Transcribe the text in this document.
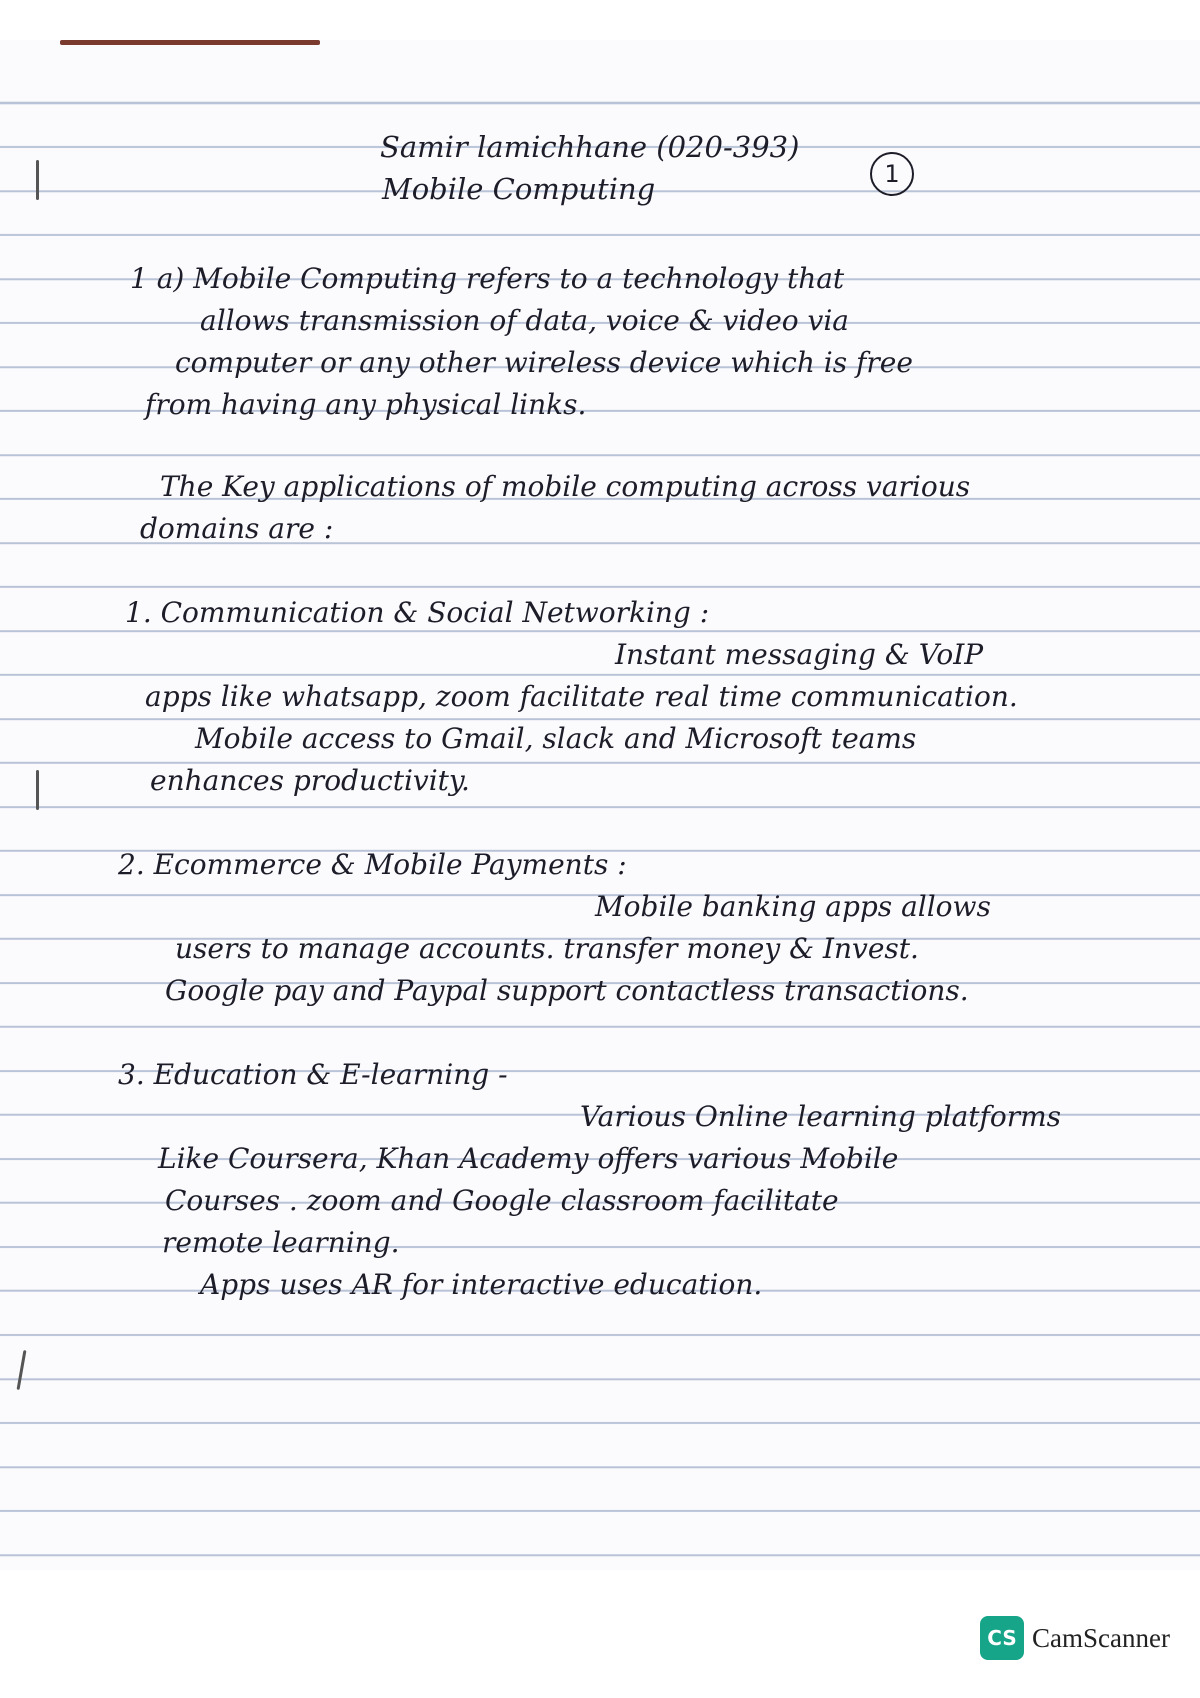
Samir lamichhane (020-393)
Mobile Computing	1
1 a) Mobile Computing refers to a technology that
allows transmission of data, voice & video via
computer or any other wireless device which is free
from having any physical links.
The Key applications of mobile computing across various
domains are :
1. Communication & Social Networking :
Instant messaging & VoIP
apps like whatsapp, zoom facilitate real time communication.
Mobile access to Gmail, slack and Microsoft teams
enhances productivity.
2. Ecommerce & Mobile Payments :
Mobile banking apps allows
users to manage accounts. transfer money & Invest.
Google pay and Paypal support contactless transactions.
3. Education & E-learning -
Various Online learning platforms
Like Coursera, Khan Academy offers various Mobile
Courses . zoom and Google classroom facilitate
remote learning.
Apps uses AR for interactive education.
CS CamScanner
